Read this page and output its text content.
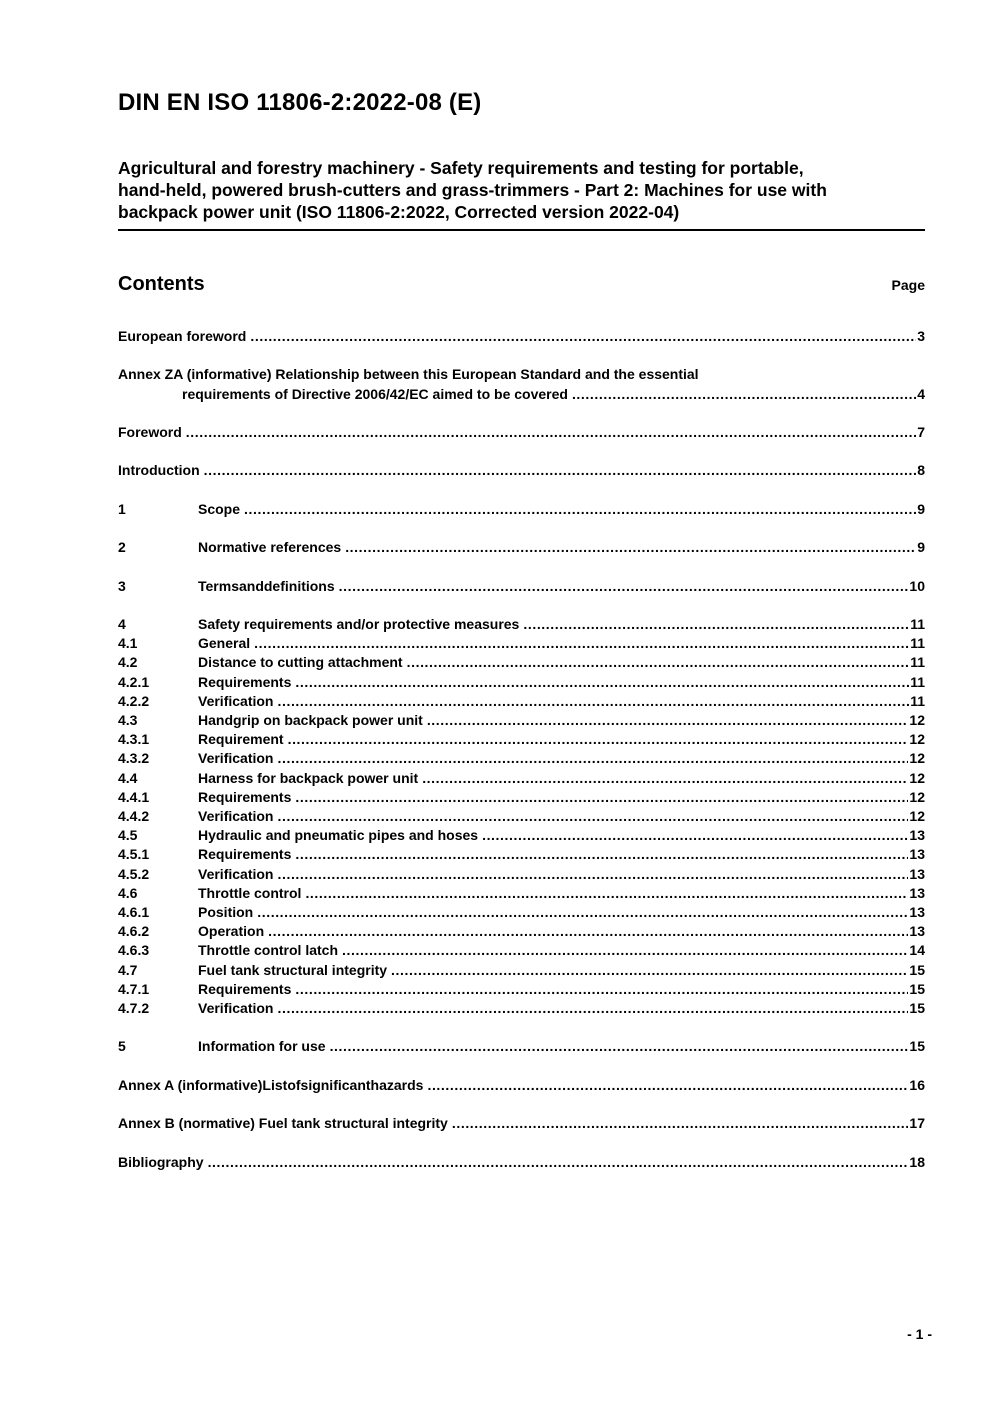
DIN EN ISO 11806-2:2022-08 (E)
Agricultural and forestry machinery - Safety requirements and testing for portable,
hand-held, powered brush-cutters and grass-trimmers - Part 2: Machines for use with
backpack power unit (ISO 11806-2:2022, Corrected version 2022-04)
Contents	Page
European foreword .....	3
Annex ZA (informative) Relationship between this European Standard and the essential
requirements of Directive 2006/42/EC aimed to be covered .....	4
Foreword .....	7
Introduction .....	8
1	Scope .....	9
2	Normative references .....	9
3	Termsanddefinitions .....	10
4	Safety requirements and/or protective measures .....	11
4.1	General .....	11
4.2	Distance to cutting attachment .....	11
4.2.1	Requirements .....	11
4.2.2	Verification .....	11
4.3	Handgrip on backpack power unit .....	12
4.3.1	Requirement .....	12
4.3.2	Verification .....	12
4.4	Harness for backpack power unit .....	12
4.4.1	Requirements .....	12
4.4.2	Verification .....	12
4.5	Hydraulic and pneumatic pipes and hoses .....	13
4.5.1	Requirements .....	13
4.5.2	Verification .....	13
4.6	Throttle control .....	13
4.6.1	Position .....	13
4.6.2	Operation .....	13
4.6.3	Throttle control latch .....	14
4.7	Fuel tank structural integrity .....	15
4.7.1	Requirements .....	15
4.7.2	Verification .....	15
5	Information for use .....	15
Annex A (informative)Listofsignificanthazards .....	16
Annex B (normative) Fuel tank structural integrity .....	17
Bibliography .....	18
- 1 -
